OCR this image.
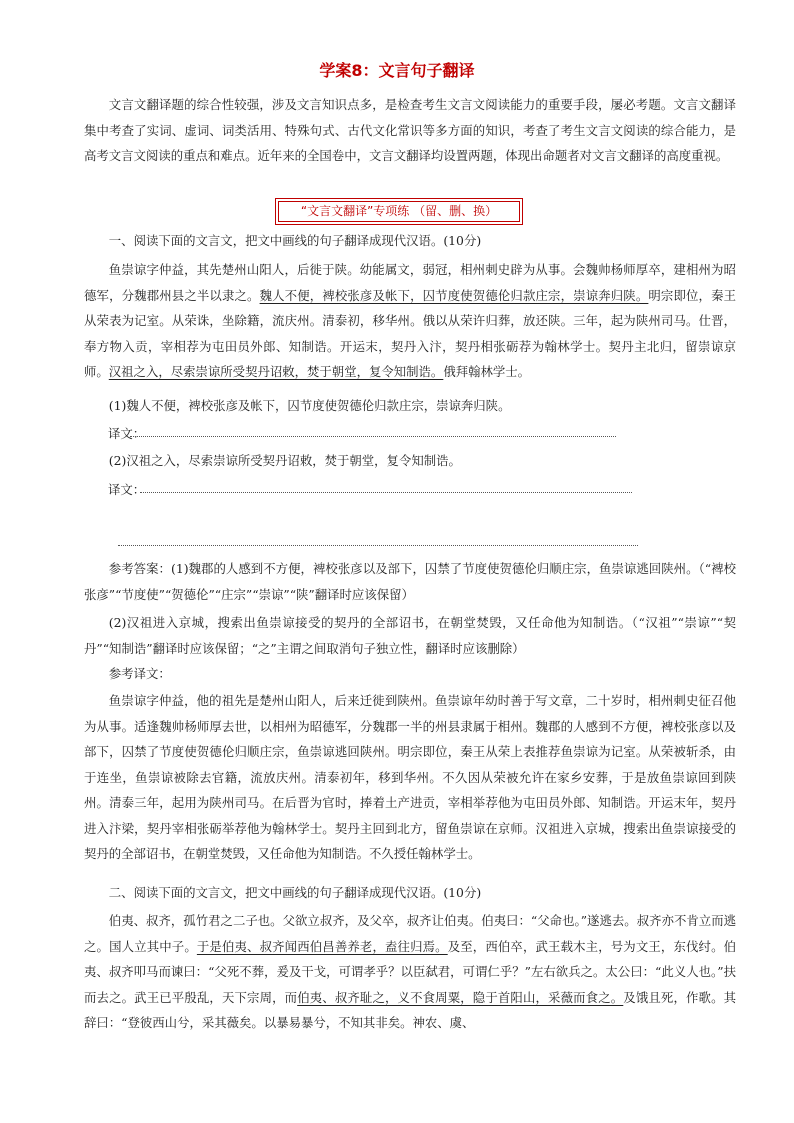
学案8：文言句子翻译
文言文翻译题的综合性较强，涉及文言知识点多，是检查考生文言文阅读能力的重要手段，屡必考题。文言文翻译集中考查了实词、虚词、词类活用、特殊句式、古代文化常识等多方面的知识，考查了考生文言文阅读的综合能力，是高考文言文阅读的重点和难点。近年来的全国卷中，文言文翻译均设置两题，体现出命题者对文言文翻译的高度重视。
“文言文翻译”专项练 （留、删、换）
一、阅读下面的文言文，把文中画线的句子翻译成现代汉语。(10分)
鱼崇谅字仲益，其先楚州山阳人，后徙于陕。幼能属文，弱冠，相州刺史辟为从事。会魏帅杨师厚卒，建相州为昭德军，分魏郡州县之半以隶之。魏人不便，裨校张彦及帐下，囚节度使贺德伦归款庄宗，崇谅奔归陕。明宗即位，秦王从荣表为记室。从荣诛，坐除籍，流庆州。清泰初，移华州。俄以从荣许归葬，放还陕。三年，起为陕州司马。仕晋，奉方物入贡，宰相荐为屯田员外郎、知制诰。开运末，契丹入汴，契丹相张砺荐为翰林学士。契丹主北归，留崇谅京师。汉祖之入，尽索崇谅所受契丹诏敕，焚于朝堂，复令知制诰。俄拜翰林学士。
(1)魏人不便，裨校张彦及帐下，囚节度使贺德伦归款庄宗，崇谅奔归陕。
译文：
(2)汉祖之入，尽索崇谅所受契丹诏敕，焚于朝堂，复令知制诰。
译文：
参考答案：(1)魏郡的人感到不方便，裨校张彦以及部下，囚禁了节度使贺德伦归顺庄宗，鱼崇谅逃回陕州。（“裨校张彦”“节度使”“贺德伦”“庄宗”“崇谅”“陕”翻译时应该保留）
(2)汉祖进入京城，搜索出鱼崇谅接受的契丹的全部诏书，在朝堂焚毁，又任命他为知制诰。（“汉祖”“崇谅”“契丹”“知制诰”翻译时应该保留；“之”主谓之间取消句子独立性，翻译时应该删除）
参考译文：
鱼崇谅字仲益，他的祖先是楚州山阳人，后来迁徙到陕州。鱼崇谅年幼时善于写文章，二十岁时，相州刺史征召他为从事。适逢魏帅杨师厚去世，以相州为昭德军，分魏郡一半的州县隶属于相州。魏郡的人感到不方便，裨校张彦以及部下，囚禁了节度使贺德伦归顺庄宗，鱼崇谅逃回陕州。明宗即位，秦王从荣上表推荐鱼崇谅为记室。从荣被斩杀，由于连坐，鱼崇谅被除去官籍，流放庆州。清泰初年，移到华州。不久因从荣被允许在家乡安葬，于是放鱼崇谅回到陕州。清泰三年，起用为陕州司马。在后晋为官时，捧着土产进贡，宰相举荐他为屯田员外郎、知制诰。开运末年，契丹进入汴梁，契丹宰相张砺举荐他为翰林学士。契丹主回到北方，留鱼崇谅在京师。汉祖进入京城，搜索出鱼崇谅接受的契丹的全部诏书，在朝堂焚毁，又任命他为知制诰。不久授任翰林学士。
二、阅读下面的文言文，把文中画线的句子翻译成现代汉语。(10分)
伯夷、叔齐，孤竹君之二子也。父欲立叔齐，及父卒，叔齐让伯夷。伯夷曰：“父命也。”遂逃去。叔齐亦不肯立而逃之。国人立其中子。于是伯夷、叔齐闻西伯昌善养老，盍往归焉。及至，西伯卒，武王载木主，号为文王，东伐纣。伯夷、叔齐叩马而谏曰：“父死不葬，爰及干戈，可谓孝乎？以臣弑君，可谓仁乎？”左右欲兵之。太公曰：“此义人也。”扶而去之。武王已平殷乱，天下宗周，而伯夷、叔齐耻之，义不食周粟，隐于首阳山，采薇而食之。及饿且死，作歌。其辞曰：“登彼西山兮，采其薇矣。以暴易暴兮，不知其非矣。神农、虞、
